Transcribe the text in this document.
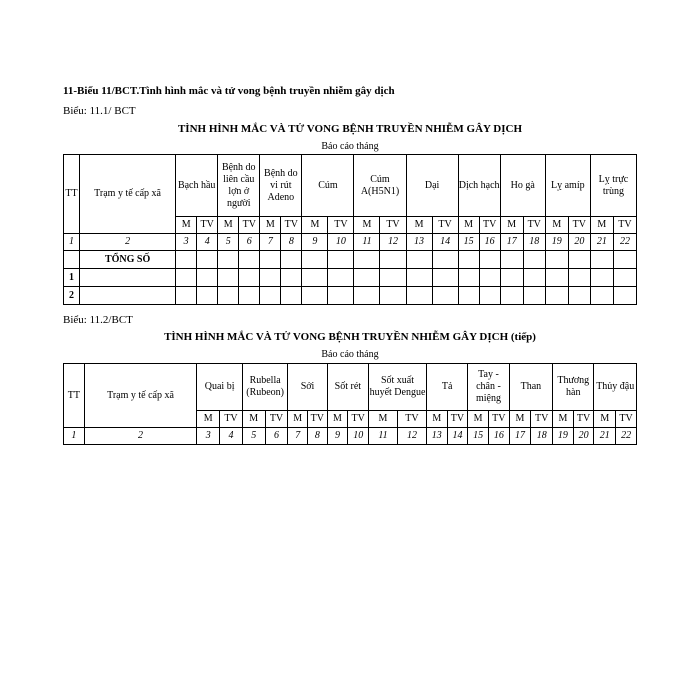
11-Biểu 11/BCT.Tình hình mắc và tử vong bệnh truyền nhiễm gây dịch
Biểu: 11.1/ BCT
TÌNH HÌNH MẮC VÀ TỬ VONG BỆNH TRUYỀN NHIỄM GÂY DỊCH
Báo cáo tháng
TT	Trạm y tế cấp xã	Bạch hầu		Bệnh do liên cầu lợn ở người		Bệnh do vi rút Adeno		Cúm		Cúm A(H5N1)		Dại		Dịch hạch		Ho gà		Lỵ amíp		Lỵ trực trùng	
		M	TV	M	TV	M	TV	M	TV	M	TV	M	TV	M	TV	M	TV	M	TV	M	TV
1	2	3	4	5	6	7	8	9	10	11	12	13	14	15	16	17	18	19	20	21	22
	TỔNG SỐ																				
1																					
2																					
Biểu: 11.2/BCT
TÌNH HÌNH MẮC VÀ TỬ VONG BỆNH TRUYỀN NHIỄM GÂY DỊCH (tiếp)
Báo cáo tháng
TT	Trạm y tế cấp xã	Quai bị		Rubella (Rubeon)		Sởi		Sốt rét		Sốt xuất huyết Dengue		Tả		Tay - chân - miệng		Than		Thương hàn		Thủy đậu	
		M	TV	M	TV	M	TV	M	TV	M	TV	M	TV	M	TV	M	TV	M	TV	M	TV
1	2	3	4	5	6	7	8	9	10	11	12	13	14	15	16	17	18	19	20	21	22
